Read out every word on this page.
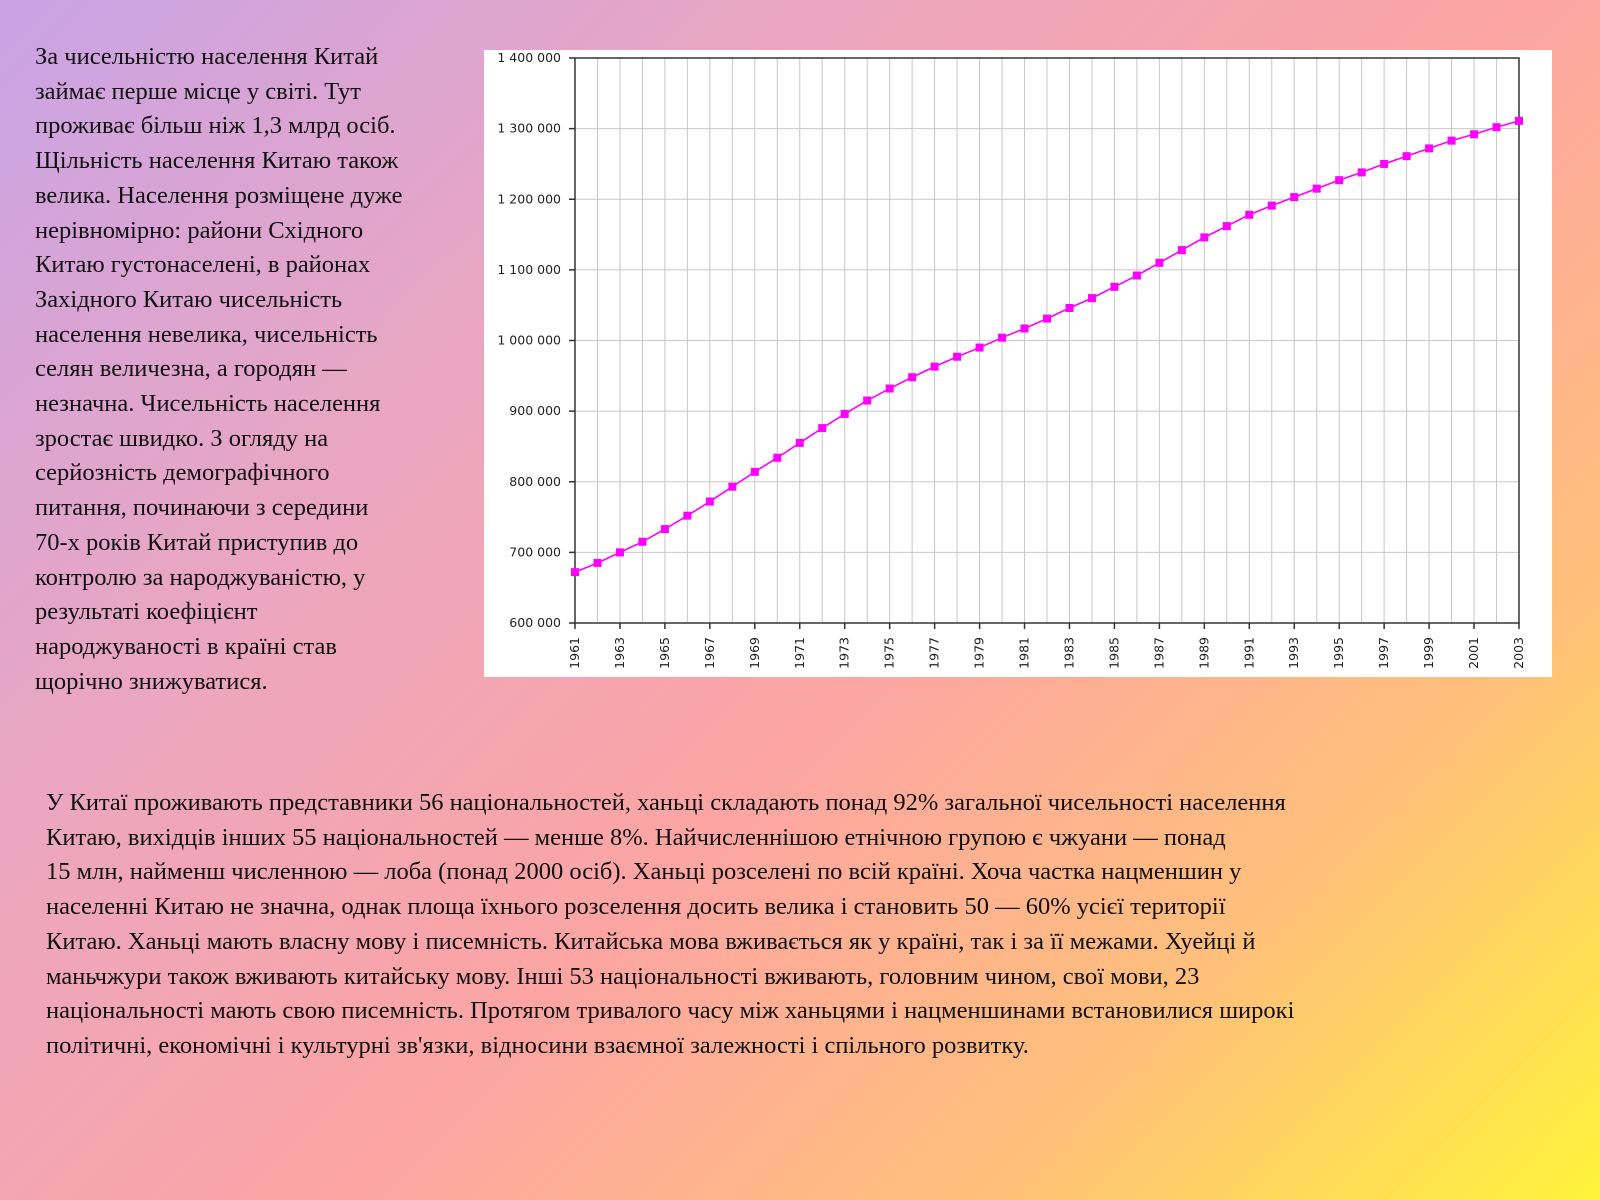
За чисельністю населення Китай
займає перше місце у світі. Тут
проживає більш ніж 1,3 млрд осіб.
Щільність населення Китаю також
велика. Населення розміщене дуже
нерівномірно: райони Східного
Китаю густонаселені, в районах
Західного Китаю чисельність
населення невелика, чисельність
селян величезна, а городян —
незначна. Чисельність населення
зростає швидко. З огляду на
серйозність демографічного
питання, починаючи з середини
70-х років Китай приступив до
контролю за народжуваністю, у
результаті коефіцієнт
народжуваності в країні став
щорічно знижуватися.

600 000
700 000
800 000
900 000
1 000 000
1 100 000
1 200 000
1 300 000
1 400 000
1961 1963 1965 1967 1969 1971 1973 1975 1977 1979 1981 1983 1985 1987 1989 1991 1993 1995 1997 1999 2001 2003

У Китаї проживають представники 56 національностей, ханьці складають понад 92% загальної чисельності населення
Китаю, вихідців інших 55 національностей — менше 8%. Найчисленнішою етнічною групою є чжуани — понад
15 млн, найменш численною — лоба (понад 2000 осіб). Ханьці розселені по всій країні. Хоча частка нацменшин у
населенні Китаю не значна, однак площа їхнього розселення досить велика і становить 50 — 60% усієї території
Китаю. Ханьці мають власну мову і писемність. Китайська мова вживається як у країні, так і за її межами. Хуейці й
маньчжури також вживають китайську мову. Інші 53 національності вживають, головним чином, свої мови, 23
національності мають свою писемність. Протягом тривалого часу між ханьцями і нацменшинами встановилися широкі
політичні, економічні і культурні зв'язки, відносини взаємної залежності і спільного розвитку.
